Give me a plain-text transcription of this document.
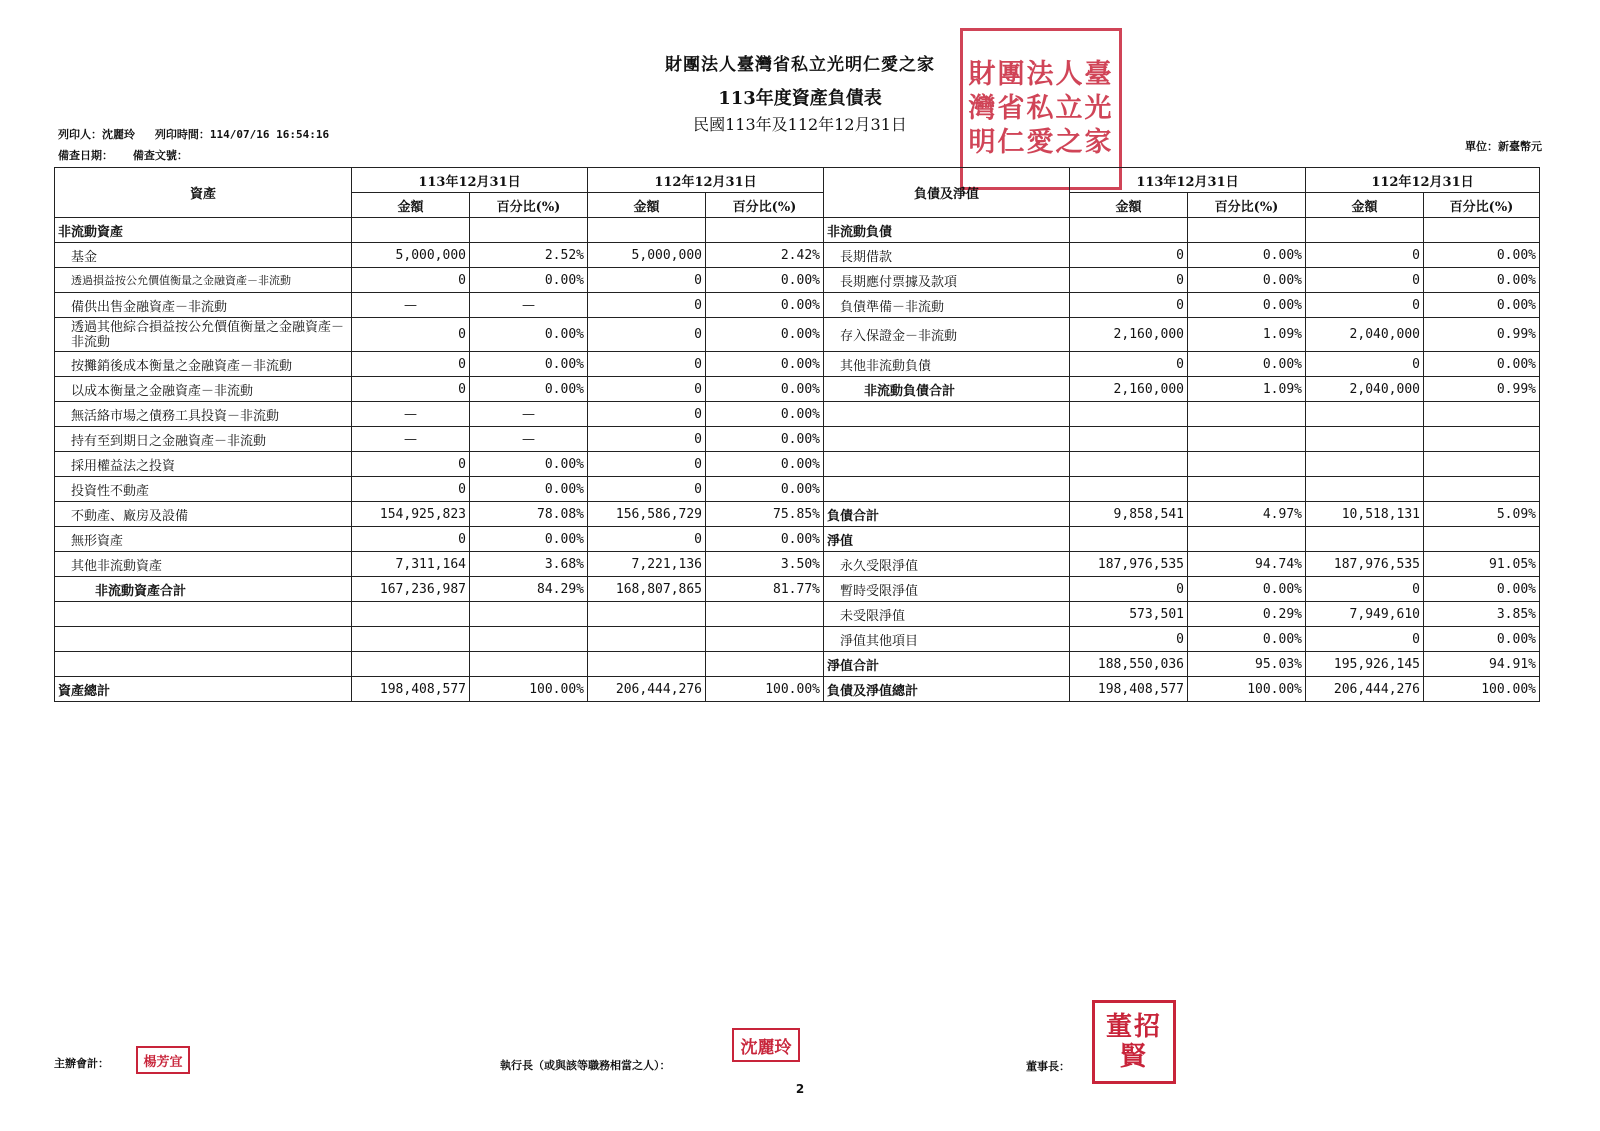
財團法人臺灣省私立光明仁愛之家
113年度資產負債表
民國113年及112年12月31日
財團法人臺灣省私立光明仁愛之家
列印人：沈麗玲 列印時間：114/07/16 16:54:16
備查日期： 備查文號：
單位：新臺幣元
資產	113年12月31日		112年12月31日		負債及淨值	113年12月31日		112年12月31日	
	金額	百分比(%)	金額	百分比(%)		金額	百分比(%)	金額	百分比(%)
非流動資產					非流動負債				
基金	5,000,000	2.52%	5,000,000	2.42%	長期借款	0	0.00%	0	0.00%
透過損益按公允價值衡量之金融資產－非流動	0	0.00%	0	0.00%	長期應付票據及款項	0	0.00%	0	0.00%
備供出售金融資產－非流動	—	—	0	0.00%	負債準備－非流動	0	0.00%	0	0.00%
透過其他綜合損益按公允價值衡量之金融資產－非流動	0	0.00%	0	0.00%	存入保證金－非流動	2,160,000	1.09%	2,040,000	0.99%
按攤銷後成本衡量之金融資產－非流動	0	0.00%	0	0.00%	其他非流動負債	0	0.00%	0	0.00%
以成本衡量之金融資產－非流動	0	0.00%	0	0.00%	非流動負債合計	2,160,000	1.09%	2,040,000	0.99%
無活絡市場之債務工具投資－非流動	—	—	0	0.00%					
持有至到期日之金融資產－非流動	—	—	0	0.00%					
採用權益法之投資	0	0.00%	0	0.00%					
投資性不動產	0	0.00%	0	0.00%					
不動產、廠房及設備	154,925,823	78.08%	156,586,729	75.85%	負債合計	9,858,541	4.97%	10,518,131	5.09%
無形資產	0	0.00%	0	0.00%	淨值				
其他非流動資產	7,311,164	3.68%	7,221,136	3.50%	永久受限淨值	187,976,535	94.74%	187,976,535	91.05%
非流動資產合計	167,236,987	84.29%	168,807,865	81.77%	暫時受限淨值	0	0.00%	0	0.00%
					未受限淨值	573,501	0.29%	7,949,610	3.85%
					淨值其他項目	0	0.00%	0	0.00%
					淨值合計	188,550,036	95.03%	195,926,145	94.91%
資產總計	198,408,577	100.00%	206,444,276	100.00%	負債及淨值總計	198,408,577	100.00%	206,444,276	100.00%
主辦會計：	楊芳宜	執行長（或與該等職務相當之人）：
沈麗玲
董事長：
董招賢
2
